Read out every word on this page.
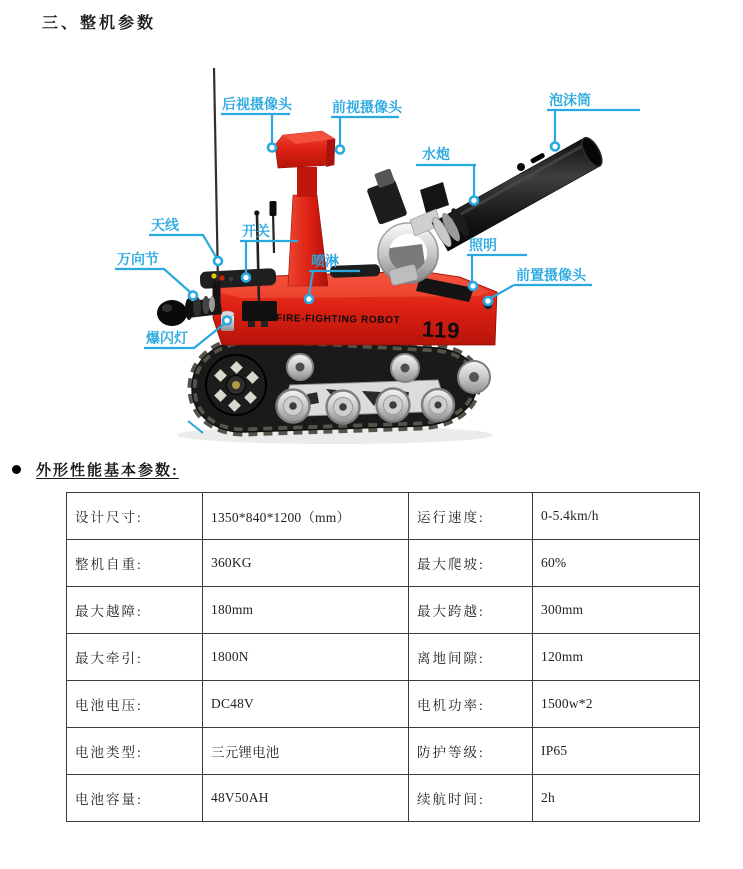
三、整机参数
FIRE-FIGHTING ROBOT 119
后视摄像头	前视摄像头	泡沫筒
水炮
天线	开关
万向节	喷淋
照明
前置摄像头
爆闪灯
外形性能基本参数:
设计尺寸:	1350*840*1200（mm）	运行速度:	0-5.4km/h
整机自重:	360KG	最大爬坡:	60%
最大越障:	180mm	最大跨越:	300mm
最大牵引:	1800N	离地间隙:	120mm
电池电压:	DC48V	电机功率:	1500w*2
电池类型:	三元锂电池	防护等级:	IP65
电池容量:	48V50AH	续航时间:	2h
